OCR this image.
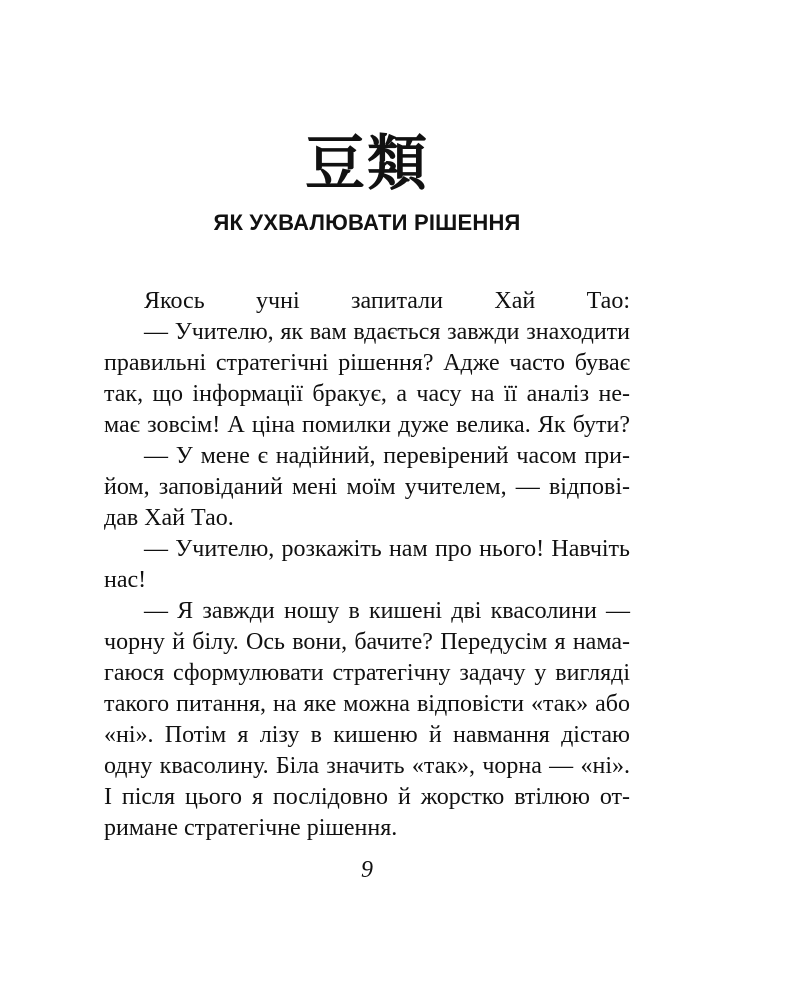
豆類
ЯК УХВАЛЮВАТИ РІШЕННЯ
Якось учні запитали Хай Тао:
— Учителю, як вам вдається завжди знаходити
правильні стратегічні рішення? Адже часто буває
так, що інформації бракує, а часу на її аналіз не-
має зовсім! А ціна помилки дуже велика. Як бути?
— У мене є надійний, перевірений часом при-
йом, заповіданий мені моїм учителем, — відпові-
дав Хай Тао.
— Учителю, розкажіть нам про нього! Навчіть
нас!
— Я завжди ношу в кишені дві квасолини —
чорну й білу. Ось вони, бачите? Передусім я нама-
гаюся сформулювати стратегічну задачу у вигляді
такого питання, на яке можна відповісти «так» або
«ні». Потім я лізу в кишеню й навмання дістаю
одну квасолину. Біла значить «так», чорна — «ні».
І після цього я послідовно й жорстко втілюю от-
римане стратегічне рішення.
9
